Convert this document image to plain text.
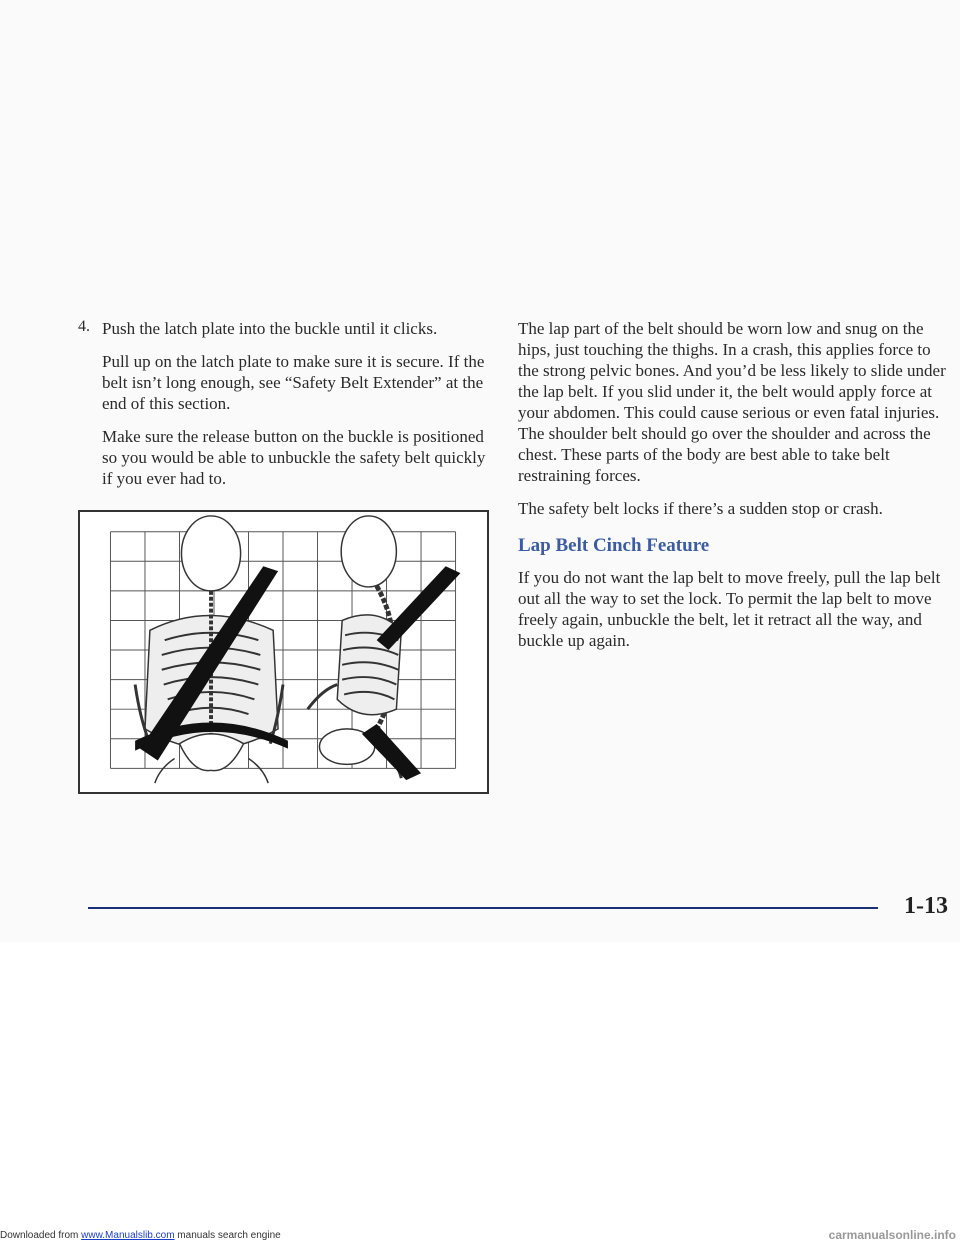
4. Push the latch plate into the buckle until it clicks.

Pull up on the latch plate to make sure it is secure. If the belt isn’t long enough, see “Safety Belt Extender” at the end of this section.

Make sure the release button on the buckle is positioned so you would be able to unbuckle the safety belt quickly if you ever had to.

The lap part of the belt should be worn low and snug on the hips, just touching the thighs. In a crash, this applies force to the strong pelvic bones. And you’d be less likely to slide under the lap belt. If you slid under it, the belt would apply force at your abdomen. This could cause serious or even fatal injuries. The shoulder belt should go over the shoulder and across the chest. These parts of the body are best able to take belt restraining forces.

The safety belt locks if there’s a sudden stop or crash.

Lap Belt Cinch Feature

If you do not want the lap belt to move freely, pull the lap belt out all the way to set the lock. To permit the lap belt to move freely again, unbuckle the belt, let it retract all the way, and buckle up again.

1-13
Downloaded from www.Manualslib.com manuals search engine	carmanualsonline.info
